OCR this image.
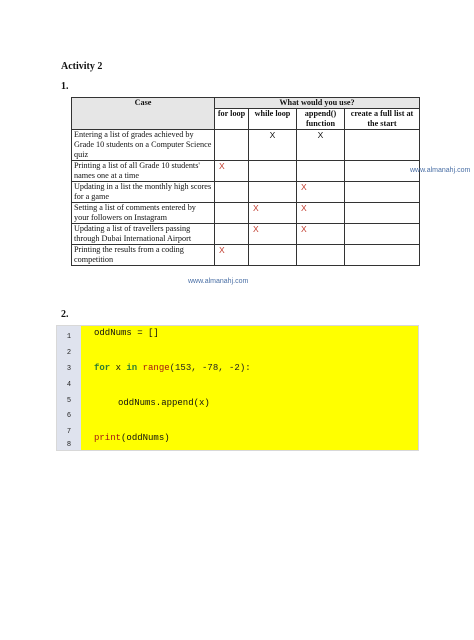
Activity 2
1.
Case	What would you use?			
	for loop	while loop	append() function	create a full list at the start
Entering a list of grades achieved by Grade 10 students on a Computer Science quiz		X	X	
Printing a list of all Grade 10 students' names one at a time	X			
Updating in a list the monthly high scores for a game			X	
Setting a list of comments entered by your followers on Instagram		X	X	
Updating a list of travellers passing through Dubai International Airport		X	X	
Printing the results from a coding competition	X			
www.almanahj.com
www.almanahj.com
2.
1
2
3
4
5
6
7
8
oddNums = []
for x in range(153, -78, -2):
oddNums.append(x)
print(oddNums)
